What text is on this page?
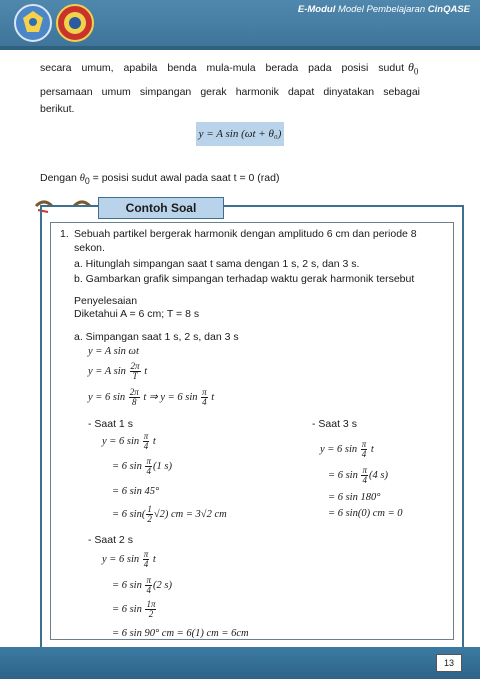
E-Modul Model Pembelajaran CinQASE
secara umum, apabila benda mula-mula berada pada posisi sudut $\theta_0$
persamaan umum simpangan gerak harmonik dapat dinyatakan sebagai
berikut.
y = A sin (ωt + θ₀)
Dengan $\theta_0$ = posisi sudut awal pada saat t = 0 (rad)
Contoh Soal
1. Sebuah partikel bergerak harmonik dengan amplitudo 6 cm dan periode 8
sekon.
a. Hitunglah simpangan saat t sama dengan 1 s, 2 s, dan 3 s.
b. Gambarkan grafik simpangan terhadap waktu gerak harmonik tersebut
Penyelesaian
Diketahui A = 6 cm; T = 8 s
a. Simpangan saat 1 s, 2 s, dan 3 s
y = A sin ωt
y = A $\sin \frac{2\pi}{T}$ t
y = 6 $\sin \frac{2\pi}{8}$ t ⇒ y = 6 $\sin \frac{\pi}{4}$ t
- Saat 1 s
y = 6 $\sin \frac{\pi}{4}$ t
= 6 $\sin \frac{\pi}{4} (1$ s)
= 6 sin 45°
= 6 $\sin( \frac{1}{2} √2)$ cm = 3√2 cm
- Saat 3 s
y = 6 $\sin \frac{\pi}{4}$ t
= 6 $\sin \frac{\pi}{4} (4$ s)
= 6 sin 180°
= 6 sin(0) cm = 0
- Saat 2 s
y = 6 $\sin \frac{\pi}{4}$ t
= 6 $\sin \frac{\pi}{4} (2$ s)
= 6 $\sin \frac{1\pi}{2}$
= 6 sin 90° cm = 6(1) cm = 6cm
13
